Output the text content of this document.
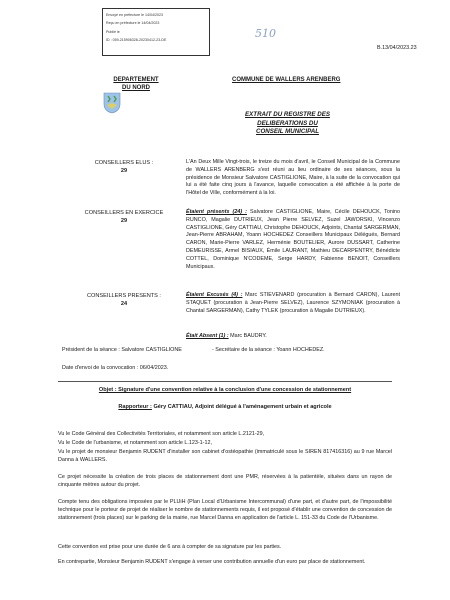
Envoyé en préfecture le 14/04/2023
Reçu en préfecture le 14/04/2023
Publié le
ID : 059-215906328-20230412-23-DE
510
B.13/04/2023.23
DEPARTEMENT
DU NORD
COMMUNE DE WALLERS ARENBERG
EXTRAIT DU REGISTRE DES DELIBERATIONS DU
CONSEIL MUNICIPAL
CONSEILLERS ELUS :
29
L'An Deux Mille Vingt-trois, le treize du mois d'avril, le Conseil Municipal de la Commune de WALLERS ARENBERG s'est réuni au lieu ordinaire de ses séances, sous la présidence de Monsieur Salvatore CASTIGLIONE, Maire, à la suite de la convocation qui lui a été faite cinq jours à l'avance, laquelle convocation a été affichée à la porte de l'Hôtel de Ville, conformément à la loi.
CONSEILLERS EN EXERCICE
29
Étaient présents (24) : Salvatore CASTIGLIONE, Maire, Cécile DEHOUCK, Tonino RUNCO, Magalie DUTRIEUX, Jean Pierre SELVEZ, Suzel JAWORSKI, Vincenzo CASTIGLIONE, Géry CATTIAU, Christophe DEHOUCK, Adjoints, Chantal SARGERMAN, Jean-Pierre ABRAHAM, Yoann HOCHEDEZ Conseillers Municipaux Délégués, Bernard CARON, Marie-Pierre VARLEZ, Herménie BOUTELIER, Aurore DUSSART, Catherine DEMEURISSE, Armel BISIAUX, Émile LAURANT, Mathieu DECARPENTRY, Bénédicte COTTEL, Dominique N'CODEME, Serge HARDY, Fabienne BENOIT, Conseillers Municipaux.
CONSEILLERS PRESENTS :
24
Étaient Excusés (4) : Marc STIEVENARD (procuration à Bernard CARON), Laurent STAQUET (procuration à Jean-Pierre SELVEZ), Laurence SZYMONIAK (procuration à Chantal SARGERMAN), Cathy TYLEK (procuration à Magalie DUTRIEUX).
Était Absent (1) : Marc BAUDRY.
Président de la séance : Salvatore CASTIGLIONE	- Secrétaire de la séance : Yoann HOCHEDEZ.
Date d'envoi de la convocation : 06/04/2023.
Objet : Signature d'une convention relative à la conclusion d'une concession de stationnement
Rapporteur : Géry CATTIAU, Adjoint délégué à l'aménagement urbain et agricole
Vu le Code Général des Collectivités Territoriales, et notamment son article L.2121-29,
Vu le Code de l'urbanisme, et notamment son article L.123-1-12,
Vu le projet de monsieur Benjamin RUDENT d'installer son cabinet d'ostéopathie (immatriculé sous le SIREN 817416316) au 9 rue Marcel Danna à WALLERS.
Ce projet nécessite la création de trois places de stationnement dont une PMR, réservées à la patientèle, situées dans un rayon de cinquante mètres autour du projet.
Compte tenu des obligations imposées par le PLUiH (Plan Local d'Urbanisme Intercommunal) d'une part, et d'autre part, de l'impossibilité technique pour le porteur de projet de réaliser le nombre de stationnements requis, il est proposé d'établir une convention de concession de stationnement (trois places) sur le parking de la mairie, rue Marcel Danna en application de l'article L. 151-33 du Code de l'Urbanisme.
Cette convention est prise pour une durée de 6 ans à compter de sa signature par les parties.
En contrepartie, Monsieur Benjamin RUDENT s'engage à verser une contribution annuelle d'un euro par place de stationnement.
